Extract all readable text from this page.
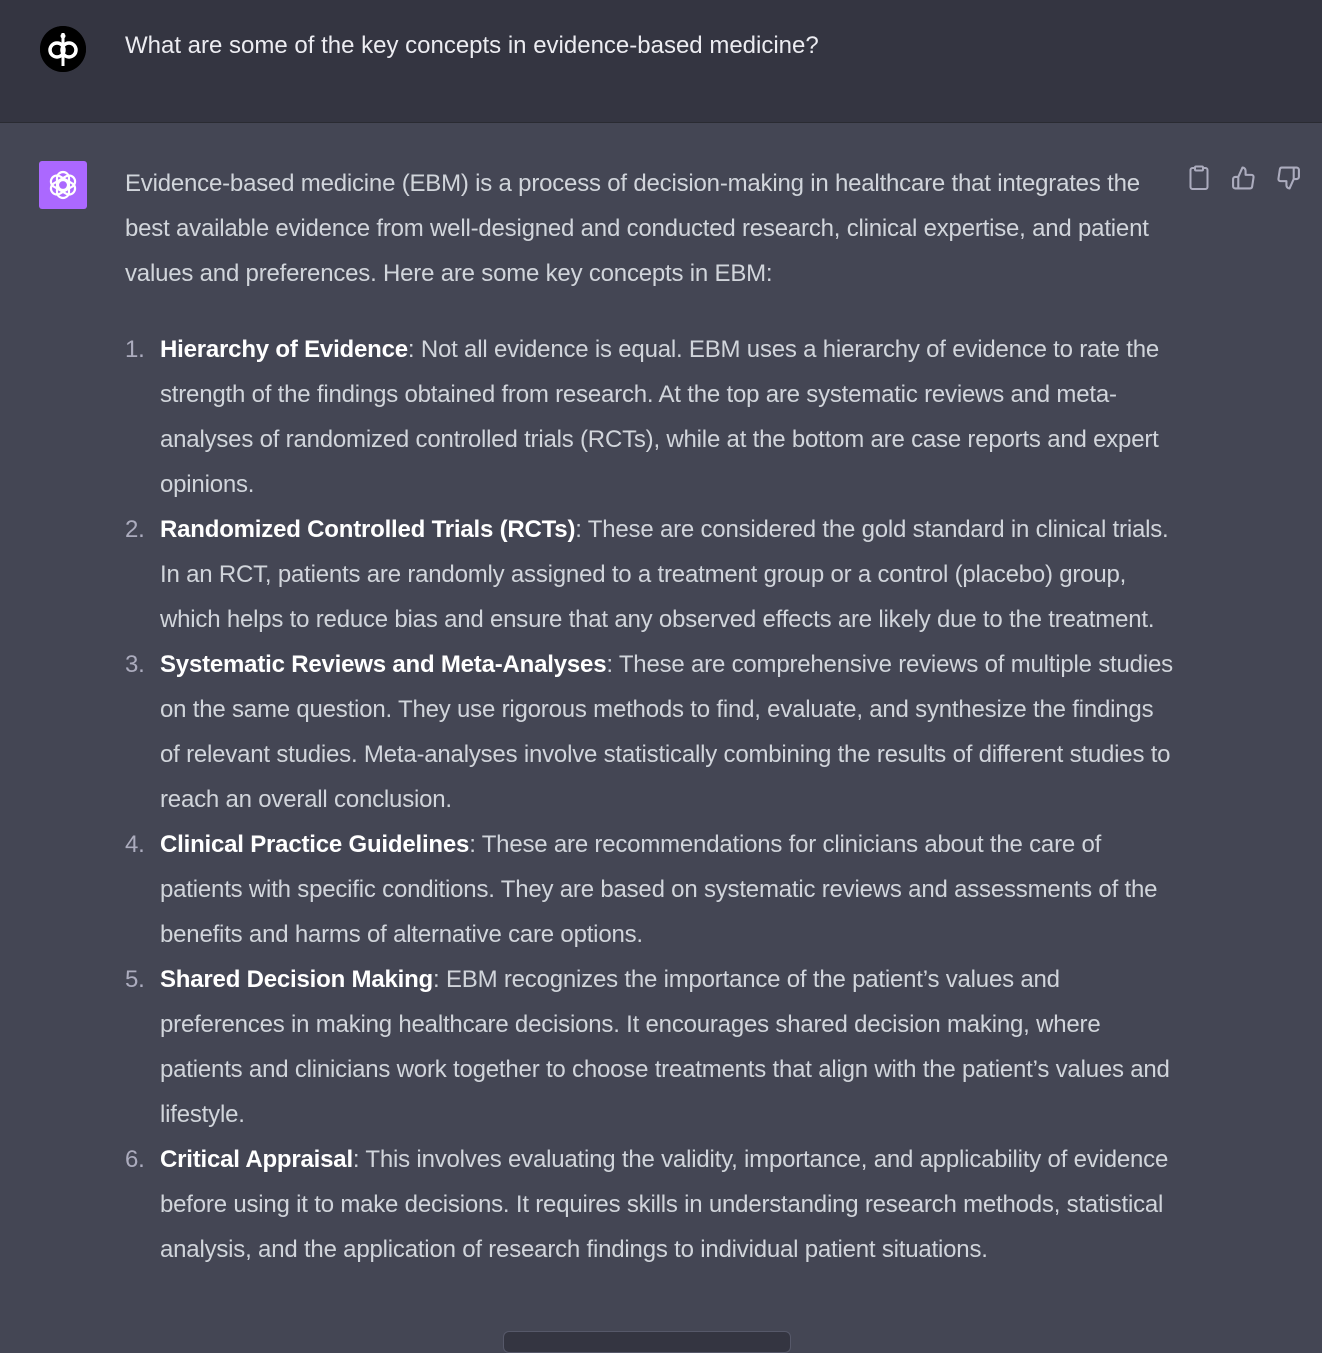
What are some of the key concepts in evidence-based medicine?

Evidence-based medicine (EBM) is a process of decision-making in healthcare that integrates the best available evidence from well-designed and conducted research, clinical expertise, and patient values and preferences. Here are some key concepts in EBM:

1. Hierarchy of Evidence: Not all evidence is equal. EBM uses a hierarchy of evidence to rate the strength of the findings obtained from research. At the top are systematic reviews and meta-analyses of randomized controlled trials (RCTs), while at the bottom are case reports and expert opinions.
2. Randomized Controlled Trials (RCTs): These are considered the gold standard in clinical trials. In an RCT, patients are randomly assigned to a treatment group or a control (placebo) group, which helps to reduce bias and ensure that any observed effects are likely due to the treatment.
3. Systematic Reviews and Meta-Analyses: These are comprehensive reviews of multiple studies on the same question. They use rigorous methods to find, evaluate, and synthesize the findings of relevant studies. Meta-analyses involve statistically combining the results of different studies to reach an overall conclusion.
4. Clinical Practice Guidelines: These are recommendations for clinicians about the care of patients with specific conditions. They are based on systematic reviews and assessments of the benefits and harms of alternative care options.
5. Shared Decision Making: EBM recognizes the importance of the patient’s values and preferences in making healthcare decisions. It encourages shared decision making, where patients and clinicians work together to choose treatments that align with the patient’s values and lifestyle.
6. Critical Appraisal: This involves evaluating the validity, importance, and applicability of evidence before using it to make decisions. It requires skills in understanding research methods, statistical analysis, and the application of research findings to individual patient situations.
